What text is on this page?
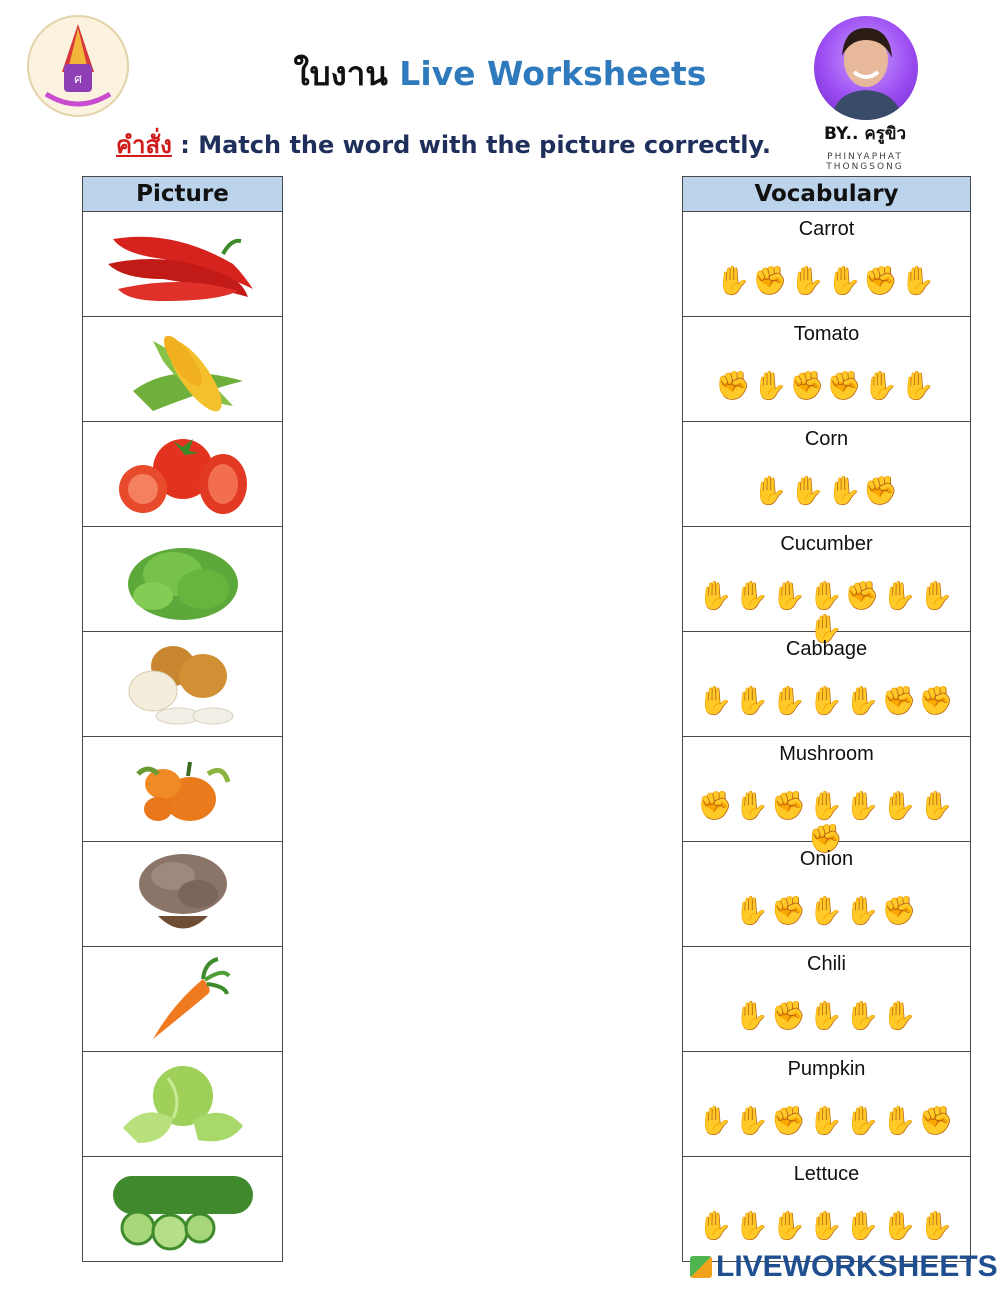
ศ	ใบงาน Live Worksheets
คำสั่ง : Match the word with the picture correctly.	BY.. ครูขิว
PHINYAPHAT THONGSONG
Picture	Vocabulary

Carrot
✋✊✋✋✊✋

Tomato
✊✋✊✊✋✋

Corn
✋✋✋✊

Cucumber
✋✋✋✋✊✋✋✋

Cabbage
✋✋✋✋✋✊✊

Mushroom
✊✋✊✋✋✋✋✊

Onion
✋✊✋✋✊

Chili
✋✊✋✋✋

Pumpkin
✋✋✊✋✋✋✊

Lettuce
✋✋✋✋✋✋✋
LIVEWORKSHEETS
